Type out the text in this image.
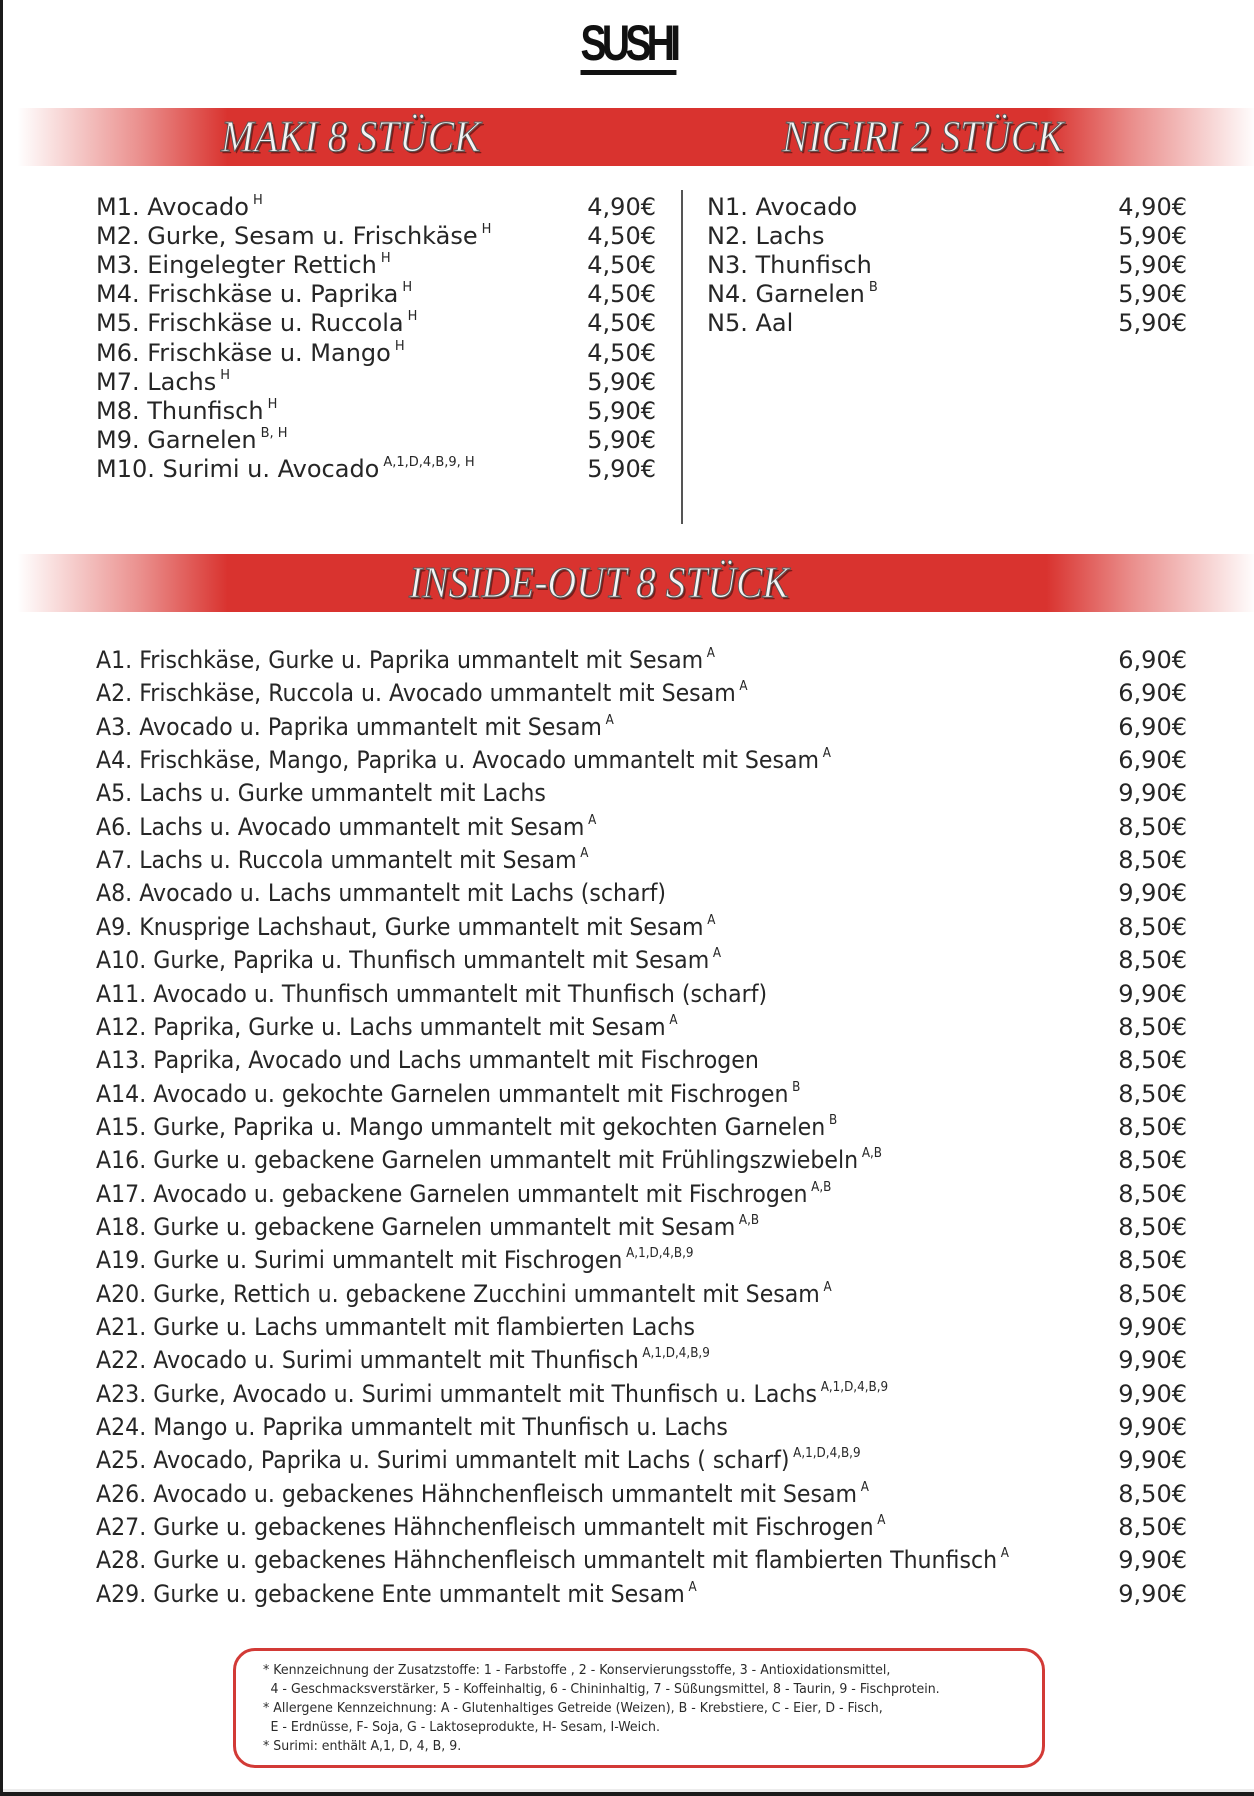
SUSHI
MAKI 8 STÜCK	NIGIRI 2 STÜCK
M1. Avocado $^H$	4,90€
M2. Gurke, Sesam u. Frischkäse $^H$	4,50€
M3. Eingelegter Rettich $^H$	4,50€
M4. Frischkäse u. Paprika $^H$	4,50€
M5. Frischkäse u. Ruccola $^H$	4,50€
M6. Frischkäse u. Mango $^H$	4,50€
M7. Lachs $^H$	5,90€
M8. Thunfisch $^H$	5,90€
M9. Garnelen $^{B, H}$	5,90€
M10. Surimi u. Avocado $^{A,1,D,4,B,9, H}$	5,90€
N1. Avocado	4,90€
N2. Lachs	5,90€
N3. Thunfisch	5,90€
N4. Garnelen $^B$	5,90€
N5. Aal	5,90€
INSIDE-OUT 8 STÜCK
A1. Frischkäse, Gurke u. Paprika ummantelt mit Sesam $^A$	6,90€
A2. Frischkäse, Ruccola u. Avocado ummantelt mit Sesam $^A$	6,90€
A3. Avocado u. Paprika ummantelt mit Sesam $^A$	6,90€
A4. Frischkäse, Mango, Paprika u. Avocado ummantelt mit Sesam $^A$	6,90€
A5. Lachs u. Gurke ummantelt mit Lachs	9,90€
A6. Lachs u. Avocado ummantelt mit Sesam $^A$	8,50€
A7. Lachs u. Ruccola ummantelt mit Sesam $^A$	8,50€
A8. Avocado u. Lachs ummantelt mit Lachs (scharf)	9,90€
A9. Knusprige Lachshaut, Gurke ummantelt mit Sesam $^A$	8,50€
A10. Gurke, Paprika u. Thunfisch ummantelt mit Sesam $^A$	8,50€
A11. Avocado u. Thunfisch ummantelt mit Thunfisch (scharf)	9,90€
A12. Paprika, Gurke u. Lachs ummantelt mit Sesam $^A$	8,50€
A13. Paprika, Avocado und Lachs ummantelt mit Fischrogen	8,50€
A14. Avocado u. gekochte Garnelen ummantelt mit Fischrogen $^B$	8,50€
A15. Gurke, Paprika u. Mango ummantelt mit gekochten Garnelen $^B$	8,50€
A16. Gurke u. gebackene Garnelen ummantelt mit Frühlingszwiebeln $^{A,B}$	8,50€
A17. Avocado u. gebackene Garnelen ummantelt mit Fischrogen $^{A,B}$	8,50€
A18. Gurke u. gebackene Garnelen ummantelt mit Sesam $^{A,B}$	8,50€
A19. Gurke u. Surimi ummantelt mit Fischrogen $^{A,1,D,4,B,9}$	8,50€
A20. Gurke, Rettich u. gebackene Zucchini ummantelt mit Sesam $^A$	8,50€
A21. Gurke u. Lachs ummantelt mit flambierten Lachs	9,90€
A22. Avocado u. Surimi ummantelt mit Thunfisch $^{A,1,D,4,B,9}$	9,90€
A23. Gurke, Avocado u. Surimi ummantelt mit Thunfisch u. Lachs $^{A,1,D,4,B,9}$	9,90€
A24. Mango u. Paprika ummantelt mit Thunfisch u. Lachs	9,90€
A25. Avocado, Paprika u. Surimi ummantelt mit Lachs ( scharf) $^{A,1,D,4,B,9}$	9,90€
A26. Avocado u. gebackenes Hähnchenfleisch ummantelt mit Sesam $^A$	8,50€
A27. Gurke u. gebackenes Hähnchenfleisch ummantelt mit Fischrogen $^A$	8,50€
A28. Gurke u. gebackenes Hähnchenfleisch ummantelt mit flambierten Thunfisch $^A$	9,90€
A29. Gurke u. gebackene Ente ummantelt mit Sesam $^A$	9,90€
* Kennzeichnung der Zusatzstoffe: 1 - Farbstoffe , 2 - Konservierungsstoffe, 3 - Antioxidationsmittel,
4 - Geschmacksverstärker, 5 - Koffeinhaltig, 6 - Chininhaltig, 7 - Süßungsmittel, 8 - Taurin, 9 - Fischprotein.
* Allergene Kennzeichnung: A - Glutenhaltiges Getreide (Weizen), B - Krebstiere, C - Eier, D - Fisch,
E - Erdnüsse, F- Soja, G - Laktoseprodukte, H- Sesam, I-Weich.
* Surimi: enthält A,1, D, 4, B, 9.
